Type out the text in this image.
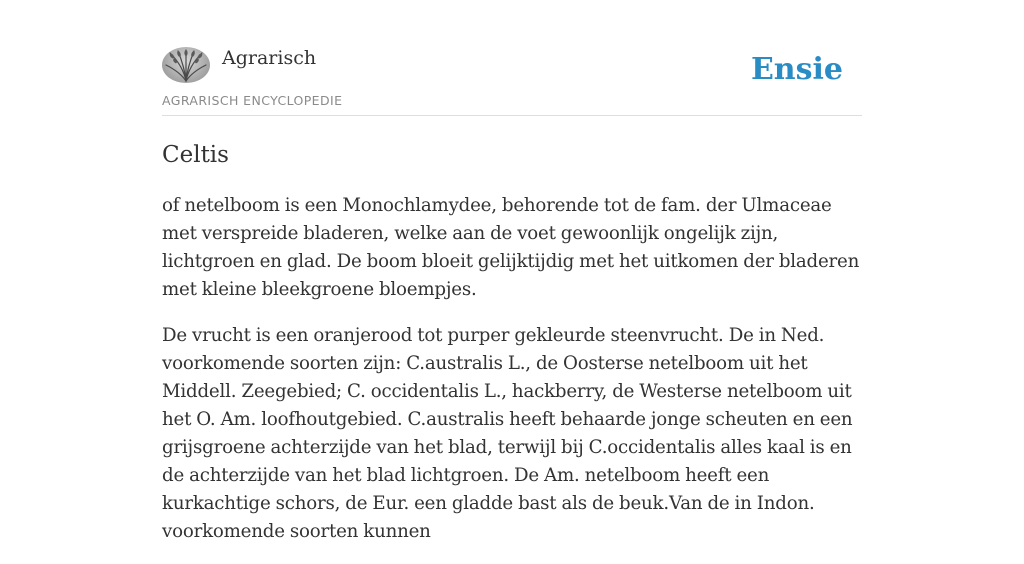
Agrarisch
AGRARISCH ENCYCLOPEDIE
Ensie
Celtis

of netelboom is een Monochlamydee, behorende tot de fam. der Ulmaceae met verspreide bladeren, welke aan de voet gewoonlijk ongelijk zijn, lichtgroen en glad. De boom bloeit gelijktijdig met het uitkomen der bladeren met kleine bleekgroene bloempjes.

De vrucht is een oranjerood tot purper gekleurde steenvrucht. De in Ned. voorkomende soorten zijn: C.australis L., de Oosterse netelboom uit het Middell. Zeegebied; C. occidentalis L., hackberry, de Westerse netelboom uit het O. Am. loofhoutgebied. C.australis heeft behaarde jonge scheuten en een grijsgroene achterzijde van het blad, terwijl bij C.occidentalis alles kaal is en de achterzijde van het blad lichtgroen. De Am. netelboom heeft een kurkachtige schors, de Eur. een gladde bast als de beuk.Van de in Indon. voorkomende soorten kunnen
